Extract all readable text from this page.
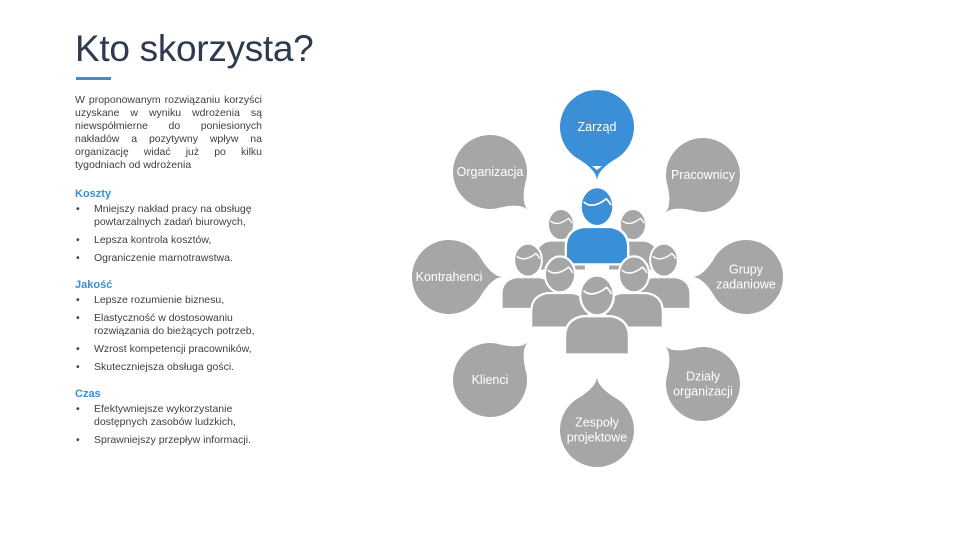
Kto skorzysta?

W proponowanym rozwiązaniu korzyści uzyskane w wyniku wdrożenia są niewspółmierne do poniesionych nakładów a pozytywny wpływ na organizację widać już po kilku tygodniach od wdrożenia

Koszty
• Mniejszy nakład pracy na obsługę powtarzalnych zadań biurowych,
• Lepsza kontrola kosztów,
• Ograniczenie marnotrawstwa.
Jakość
• Lepsze rozumienie biznesu,
• Elastyczność w dostosowaniu rozwiązania do bieżących potrzeb,
• Wzrost kompetencji pracowników,
• Skuteczniejsza obsługa gości.
Czas
• Efektywniejsze wykorzystanie dostępnych zasobów ludzkich,
• Sprawniejszy przepływ informacji.
Zarząd
Pracownicy
Grupy
zadaniowe
Działy
organizacji
Zespoły
projektowe
Klienci
Kontrahenci
Organizacja
